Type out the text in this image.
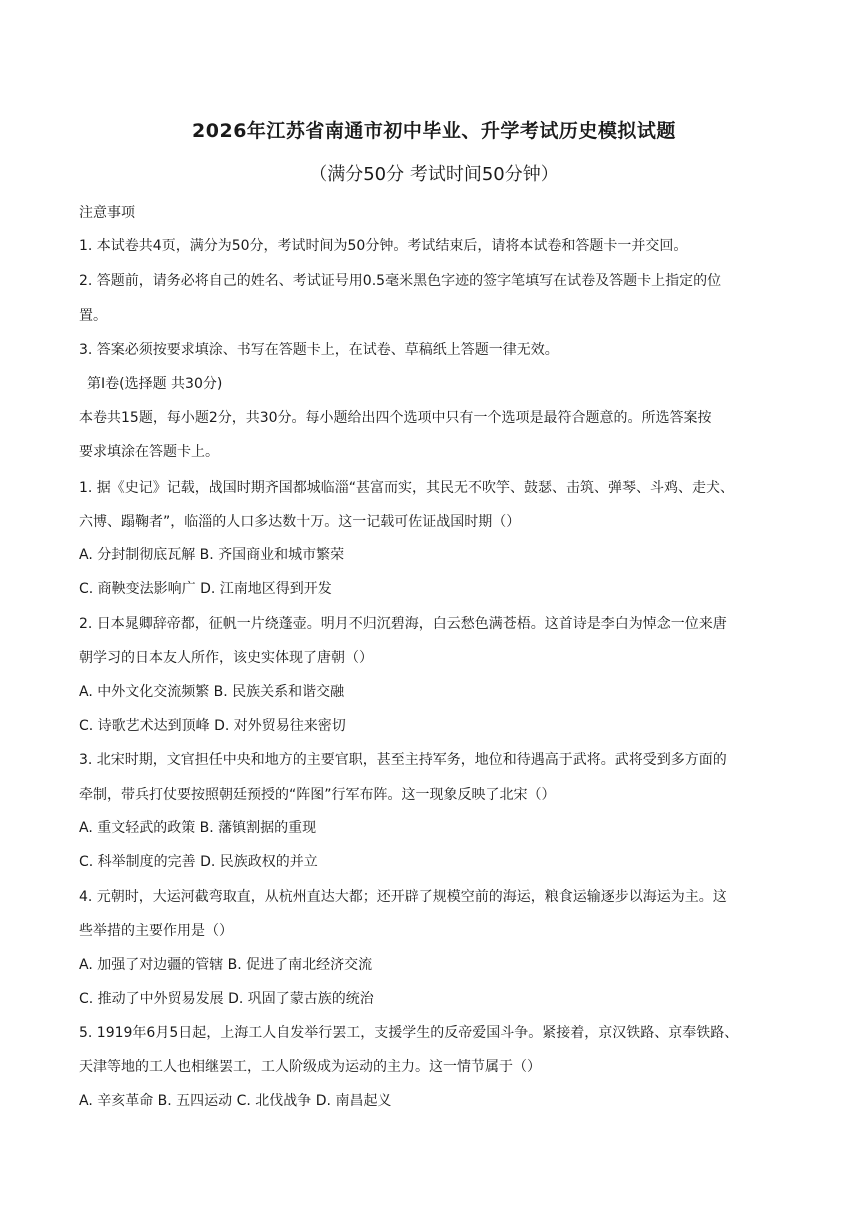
2026年江苏省南通市初中毕业、升学考试历史模拟试题
（满分50分 考试时间50分钟）
注意事项
1. 本试卷共4页，满分为50分，考试时间为50分钟。考试结束后，请将本试卷和答题卡一并交回。
2. 答题前，请务必将自己的姓名、考试证号用0.5毫米黑色字迹的签字笔填写在试卷及答题卡上指定的位
置。
3. 答案必须按要求填涂、书写在答题卡上，在试卷、草稿纸上答题一律无效。
第Ⅰ卷(选择题 共30分)
本卷共15题，每小题2分，共30分。每小题给出四个选项中只有一个选项是最符合题意的。所选答案按
要求填涂在答题卡上。
1. 据《史记》记载，战国时期齐国都城临淄“甚富而实，其民无不吹竽、鼓瑟、击筑、弹琴、斗鸡、走犬、
六博、蹋鞠者”，临淄的人口多达数十万。这一记载可佐证战国时期（）
A. 分封制彻底瓦解 B. 齐国商业和城市繁荣
C. 商鞅变法影响广 D. 江南地区得到开发
2. 日本晁卿辞帝都，征帆一片绕蓬壶。明月不归沉碧海，白云愁色满苍梧。这首诗是李白为悼念一位来唐
朝学习的日本友人所作，该史实体现了唐朝（）
A. 中外文化交流频繁 B. 民族关系和谐交融
C. 诗歌艺术达到顶峰 D. 对外贸易往来密切
3. 北宋时期，文官担任中央和地方的主要官职，甚至主持军务，地位和待遇高于武将。武将受到多方面的
牵制，带兵打仗要按照朝廷预授的“阵图”行军布阵。这一现象反映了北宋（）
A. 重文轻武的政策 B. 藩镇割据的重现
C. 科举制度的完善 D. 民族政权的并立
4. 元朝时，大运河截弯取直，从杭州直达大都；还开辟了规模空前的海运，粮食运输逐步以海运为主。这
些举措的主要作用是（）
A. 加强了对边疆的管辖 B. 促进了南北经济交流
C. 推动了中外贸易发展 D. 巩固了蒙古族的统治
5. 1919年6月5日起，上海工人自发举行罢工，支援学生的反帝爱国斗争。紧接着，京汉铁路、京奉铁路、
天津等地的工人也相继罢工，工人阶级成为运动的主力。这一情节属于（）
A. 辛亥革命 B. 五四运动 C. 北伐战争 D. 南昌起义
